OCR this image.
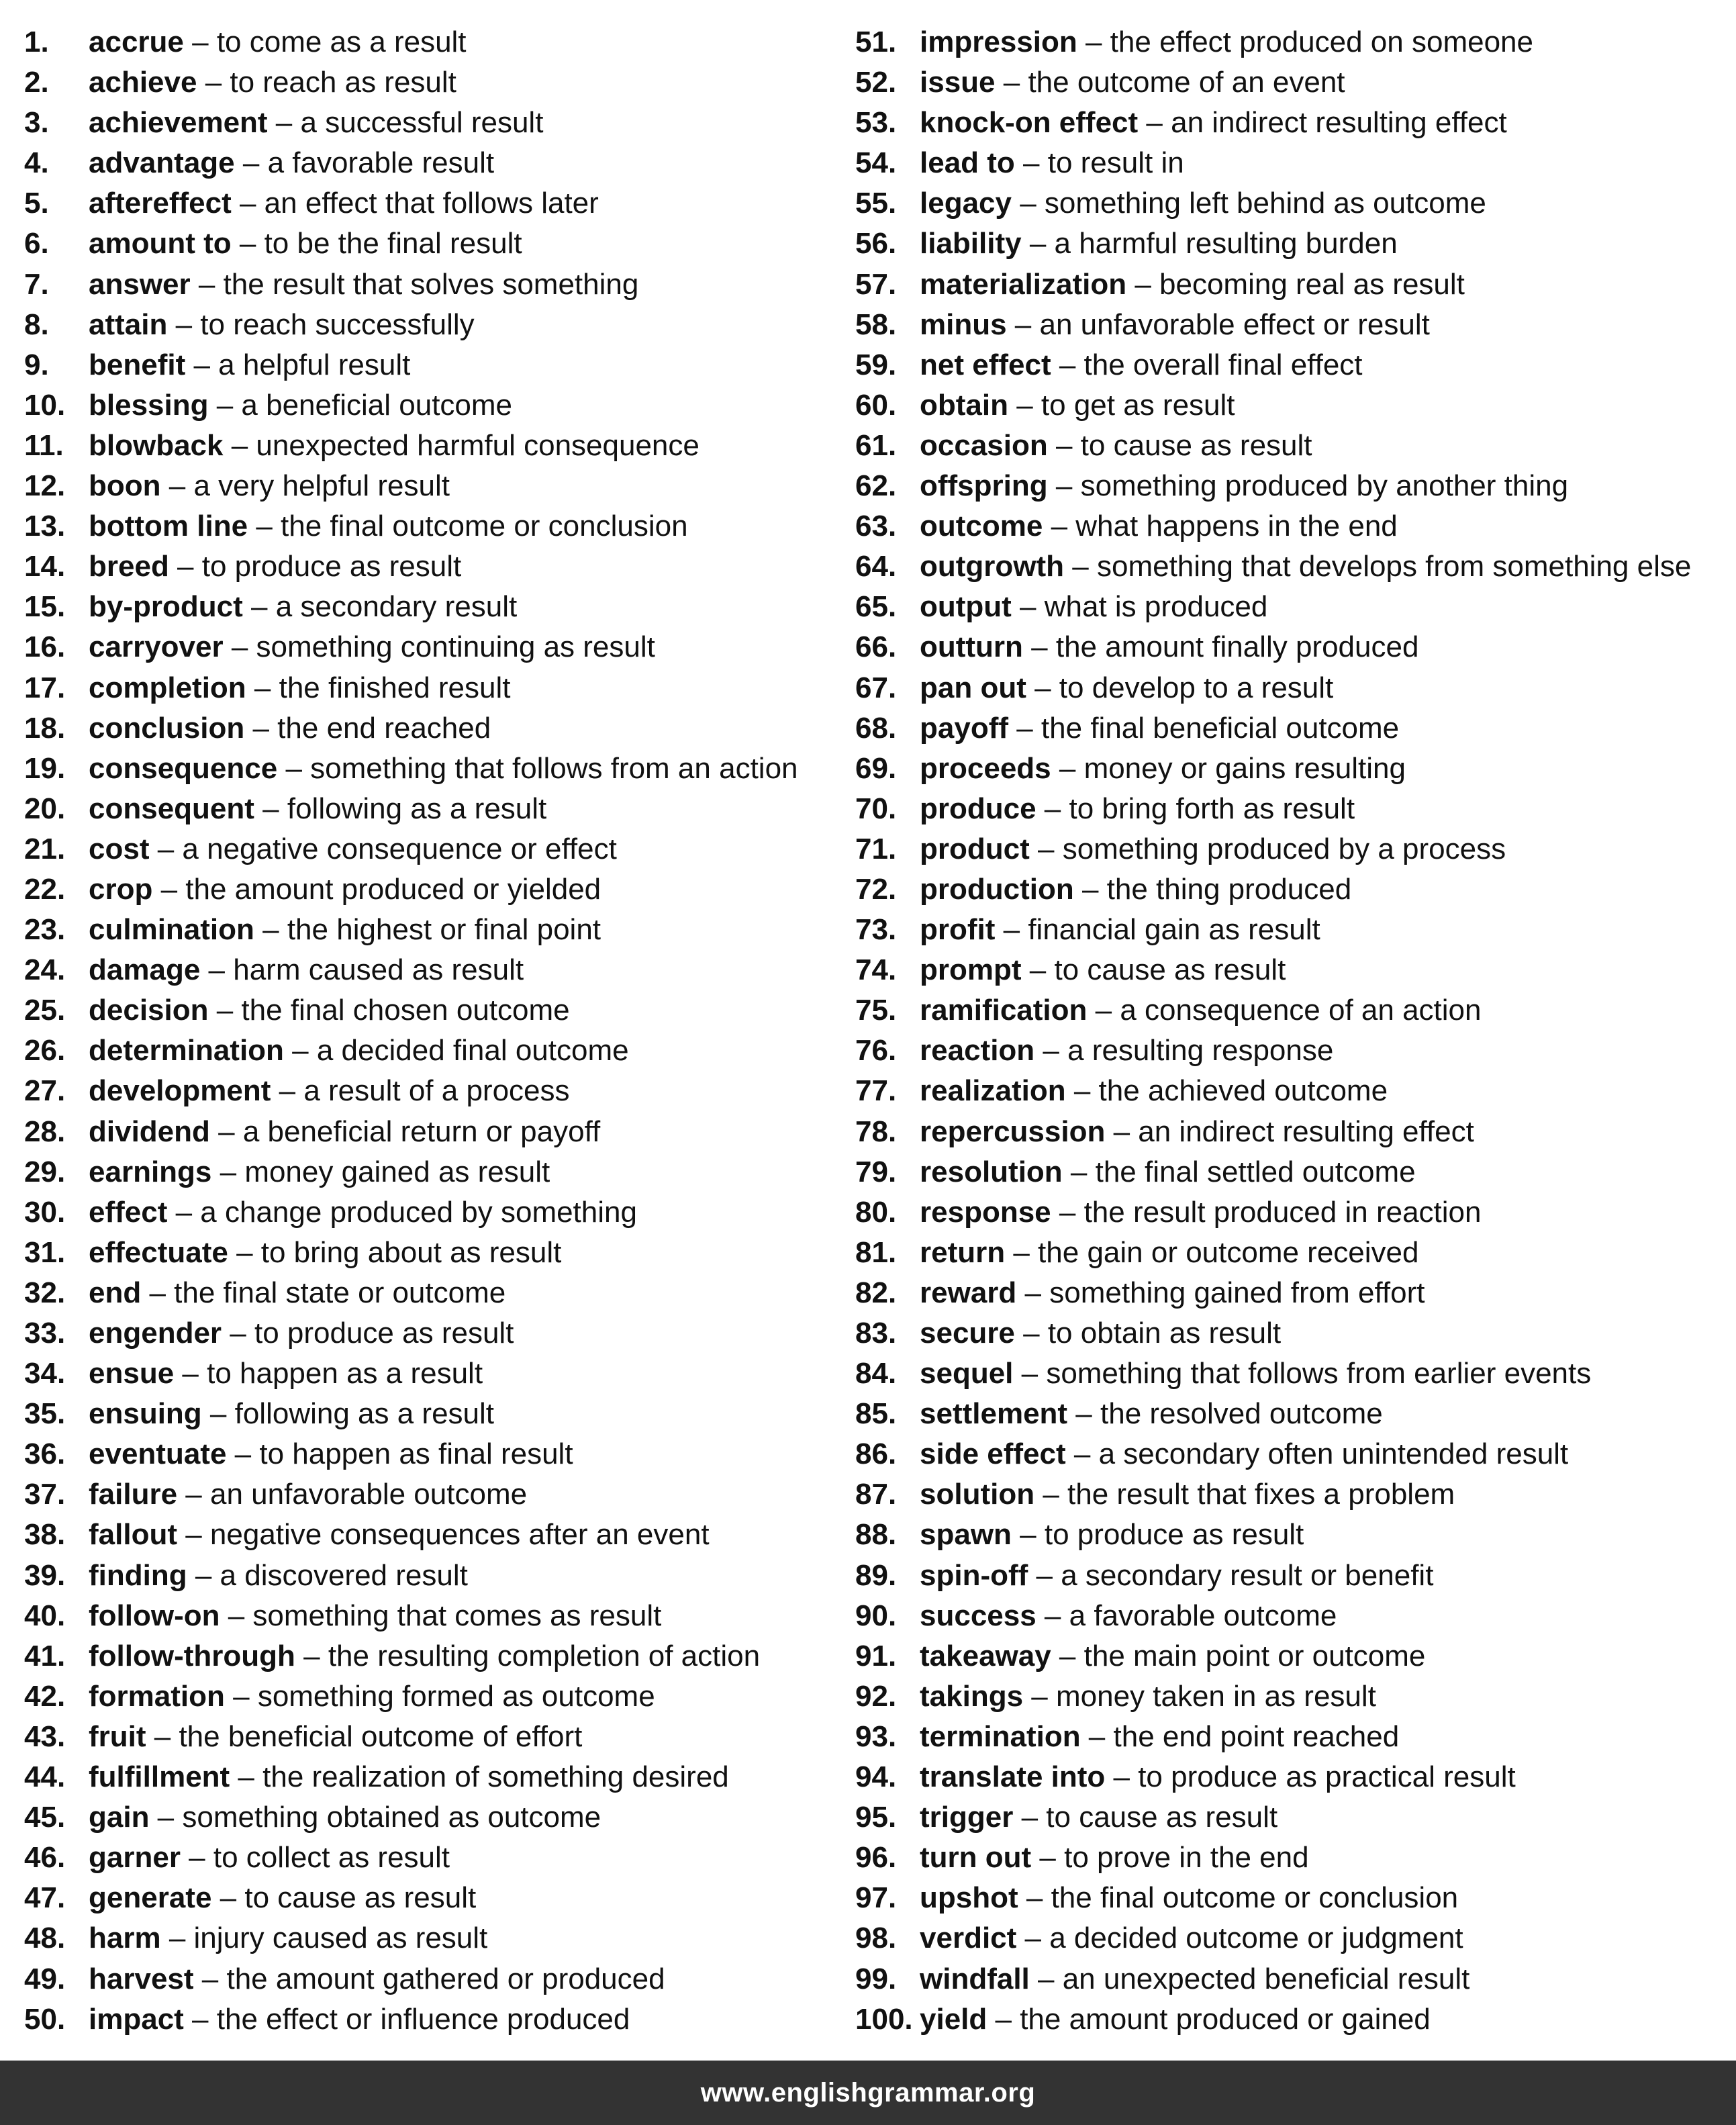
1. accrue – to come as a result
2. achieve – to reach as result
3. achievement – a successful result
4. advantage – a favorable result
5. aftereffect – an effect that follows later
6. amount to – to be the final result
7. answer – the result that solves something
8. attain – to reach successfully
9. benefit – a helpful result
10. blessing – a beneficial outcome
11. blowback – unexpected harmful consequence
12. boon – a very helpful result
13. bottom line – the final outcome or conclusion
14. breed – to produce as result
15. by-product – a secondary result
16. carryover – something continuing as result
17. completion – the finished result
18. conclusion – the end reached
19. consequence – something that follows from an action
20. consequent – following as a result
21. cost – a negative consequence or effect
22. crop – the amount produced or yielded
23. culmination – the highest or final point
24. damage – harm caused as result
25. decision – the final chosen outcome
26. determination – a decided final outcome
27. development – a result of a process
28. dividend – a beneficial return or payoff
29. earnings – money gained as result
30. effect – a change produced by something
31. effectuate – to bring about as result
32. end – the final state or outcome
33. engender – to produce as result
34. ensue – to happen as a result
35. ensuing – following as a result
36. eventuate – to happen as final result
37. failure – an unfavorable outcome
38. fallout – negative consequences after an event
39. finding – a discovered result
40. follow-on – something that comes as result
41. follow-through – the resulting completion of action
42. formation – something formed as outcome
43. fruit – the beneficial outcome of effort
44. fulfillment – the realization of something desired
45. gain – something obtained as outcome
46. garner – to collect as result
47. generate – to cause as result
48. harm – injury caused as result
49. harvest – the amount gathered or produced
50. impact – the effect or influence produced
51. impression – the effect produced on someone
52. issue – the outcome of an event
53. knock-on effect – an indirect resulting effect
54. lead to – to result in
55. legacy – something left behind as outcome
56. liability – a harmful resulting burden
57. materialization – becoming real as result
58. minus – an unfavorable effect or result
59. net effect – the overall final effect
60. obtain – to get as result
61. occasion – to cause as result
62. offspring – something produced by another thing
63. outcome – what happens in the end
64. outgrowth – something that develops from something else
65. output – what is produced
66. outturn – the amount finally produced
67. pan out – to develop to a result
68. payoff – the final beneficial outcome
69. proceeds – money or gains resulting
70. produce – to bring forth as result
71. product – something produced by a process
72. production – the thing produced
73. profit – financial gain as result
74. prompt – to cause as result
75. ramification – a consequence of an action
76. reaction – a resulting response
77. realization – the achieved outcome
78. repercussion – an indirect resulting effect
79. resolution – the final settled outcome
80. response – the result produced in reaction
81. return – the gain or outcome received
82. reward – something gained from effort
83. secure – to obtain as result
84. sequel – something that follows from earlier events
85. settlement – the resolved outcome
86. side effect – a secondary often unintended result
87. solution – the result that fixes a problem
88. spawn – to produce as result
89. spin-off – a secondary result or benefit
90. success – a favorable outcome
91. takeaway – the main point or outcome
92. takings – money taken in as result
93. termination – the end point reached
94. translate into – to produce as practical result
95. trigger – to cause as result
96. turn out – to prove in the end
97. upshot – the final outcome or conclusion
98. verdict – a decided outcome or judgment
99. windfall – an unexpected beneficial result
100. yield – the amount produced or gained
www.englishgrammar.org
